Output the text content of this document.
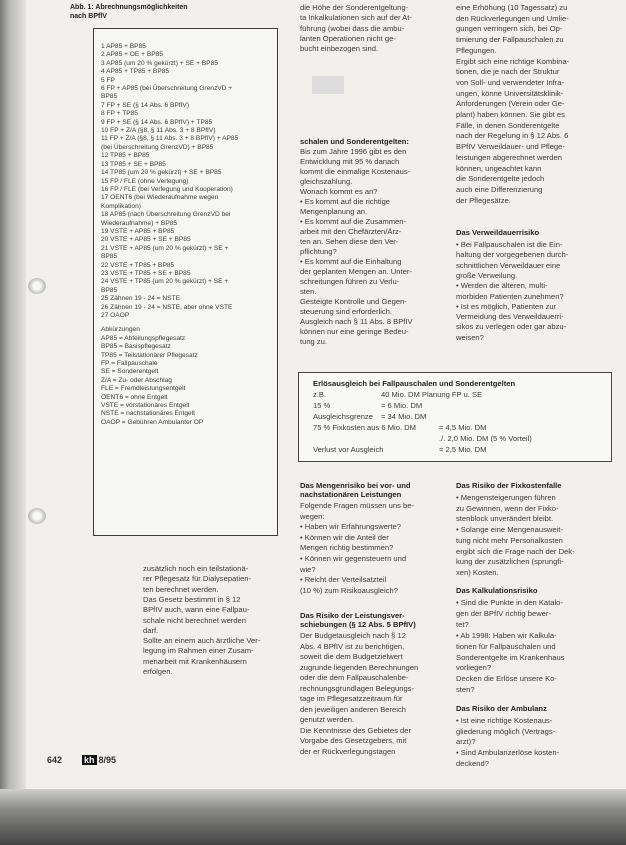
Abb. 1: Abrechnungsmöglichkeiten
nach BPflV
1 AP85 + BP85
2 AP85 + OE + BP85
3 AP85 (um 20 % gekürzt) + SE + BP85
4 AP85 + TP85 + BP85
5 FP
6 FP + AP85 (bei Überschreitung GrenzVD +
BP85
7 FP + SE (§ 14 Abs. 6 BPfIV)
8 FP + TP85
9 FP + SE (§ 14 Abs. 6 BPfIV) + TP85
10 FP + Z/A (§8, § 11 Abs. 3 + 8 BPfIV)
11 FP + Z/A (§8, § 11 Abs. 3 + 8 BPfIV) + AP85
(bei Überschreitung GrenzVD) + BP85
12 TP85 + BP85
13 TP85 + SE + BP85
14 TP85 (um 20 % gekürzt) + SE + BP85
15 FP / FLE (ohne Verlegung)
16 FP / FLE (bei Verlegung und Kooperation)
17 OENT6 (bei Wiederaufnahme wegen
Komplikation)
18 AP85 (nach Überschreitung GrenzVD bei
Wiederaufnahme) + BP85
19 VSTE + AP85 + BP85
20 VSTE + AP85 + SE + BP85
21 VSTE + AP85 (um 20 % gekürzt) + SE +
BP85
22 VSTE + TP85 + BP85
23 VSTE + TP85 + SE + BP85
24 VSTE + TP85 (um 20 % gekürzt) + SE +
BP85
25 Zähnen 19 - 24 = NSTE
26 Zähnen 19 - 24 = NSTE, aber ohne VSTE
27 OAOP
Abkürzungen
AP85 = Abteilungspflegesatz
BP85 = Basispflegesatz
TP85 = Teilstationärer Pflegesatz
FP = Fallpauschale
SE = Sonderentgelt
Z/A = Zu- oder Abschlag
FLE = Fremdleistungsentgelt
OENT6 = ohne Entgelt
VSTE = vorstationäres Entgelt
NSTE = nachstationäres Entgelt
OAOP = Gebühren Ambulanter OP
zusätzlich noch ein teilstationä-
rer Pflegesatz für Dialysepatien-
ten berechnet werden.
Das Gesetz bestimmt in § 12
BPfIV auch, wann eine Fallpau-
schale nicht berechnet werden
darf.
Sollte an einem auch ärztliche Ver-
legung im Rahmen einer Zusam-
menarbeit mit Krankenhäusern
erfolgen.
die Höhe der Sonderentgeltung-
ta Inkalkulationen sich auf der At-
führung (wobei dass die ambu-
lanten Operationen nicht ge-
bucht einbezogen sind.
schalen und Sonderentgelten:
Bis zum Jahre 1996 gibt es den
Entwicklung mit 95 % danach
kommt die einmalige Kostenaus-
gleichszahlung.
Wonach kommt es an?
• Es kommt auf die richtige
Mengenplanung an.
• Es kommt auf die Zusammen-
arbeit mit den Chefärzten/Ärz-
ten an. Sehen diese den Ver-
pflichtung?
• Es kommt auf die Einhaltung
der geplanten Mengen an. Unter-
schreitungen führen zu Verlu-
sten.
Gesteigte Kontrolle und Gegen-
steuerung sind erforderlich.
Ausgleich nach § 11 Abs. 8 BPfIV
können nur eine geringe Bedeu-
tung zu.
eine Erhöhung (10 Tagessatz) zu
den Rückverlegungen und Umlie-
gungen verringern sich, bei Op-
timierung der Fallpauschalen zu
Pflegungen.
Ergibt sich eine richtige Kombina-
tionen, die je nach der Struktur
von Soll- und verwendeter Infra-
ungen, könne Universitätsklinik-
Anforderungen (Verein oder Ge-
plant) haben können. Sie gibt es
Fälle, in denen Sonderentgelte
nach der Regelung in § 12 Abs. 6
BPfIV Verweildauer- und Pflege-
leistungen abgerechnet werden
können, ungeachtet kann
die Sonderentgelte jedoch
auch eine Differenzierung
der Pflegesätze.
Das Verweildauerrisiko
• Bei Fallpauschalen ist die Ein-
haltung der vorgegebenen durch-
schnittlichen Verweildauer eine
große Verweilung.
• Werden die älteren, multi-
morbiden Patienten zunehmen?
• Ist es möglich, Patienten zur
Vermeidung des Verweildauerri-
sikos zu verlegen oder gar abzu-
weisen?
Erlösausgleich bei Fallpauschalen und Sonderentgelten
z.B.	40 Mio. DM Planung FP u. SE
15 %	= 6 Mio. DM
Ausgleichsgrenze = 34 Mio. DM
75 % Fixkosten aus 6 Mio. DM	= 4,5 Mio. DM
./. 2,0 Mio. DM (5 % Vorteil)
Verlust vor Ausgleich	= 2,5 Mio. DM
Das Mengenrisiko bei vor- und
nachstationären Leistungen
Folgende Fragen müssen uns be-
wegen:
• Haben wir Erfahrungswerte?
• Können wir die Anteil der
Mengen richtig bestimmen?
• Können wir gegensteuern und
wie?
• Reicht der Verteilsatzteil
(10 %) zum Risikoausgleich?
Das Risiko der Leistungsver-
schiebungen (§ 12 Abs. 5 BPfIV)
Der Budgetausgleich nach § 12
Abs. 4 BPfIV ist zu berichtigen,
soweit die dem Budgetzielwert
zugrunde liegenden Berechnungen
oder die dem Fallpauschalenbe-
rechnungsgrundlagen Belegungs-
tage im Pflegesatzzeitraum für
den jeweiligen anderen Bereich
genutzt werden.
Die Kenntnisse des Gebietes der
Vorgabe des Gesetzgebers, mit
der er Rückverlegungstagen
Das Risiko der Fixkostenfalle
• Mengensteigerungen führen
zu Gewinnen, wenn der Fixko-
stenblock unverändert bleibt.
• Solange eine Mengenausweit-
tung nicht mehr Personalkosten
ergibt sich die Frage nach der Dek-
kung der zusätzlichen (sprungfi-
xen) Kosten.
Das Kalkulationsrisiko
• Sind die Punkte in den Katalo-
gen der BPfIV richtig bewer-
tet?
• Ab 1998: Haben wir Kalkula-
tionen für Fallpauschalen und
Sonderentgelte im Krankenhaus
vorliegen?
Decken die Erlöse unsere Ko-
sten?
Das Risiko der Ambulanz
• Ist eine richtige Kostenaus-
gliederung möglich (Vertrags-
arzt)?
• Sind Ambulanzerlöse kosten-
deckend?
642 kh 8/95
